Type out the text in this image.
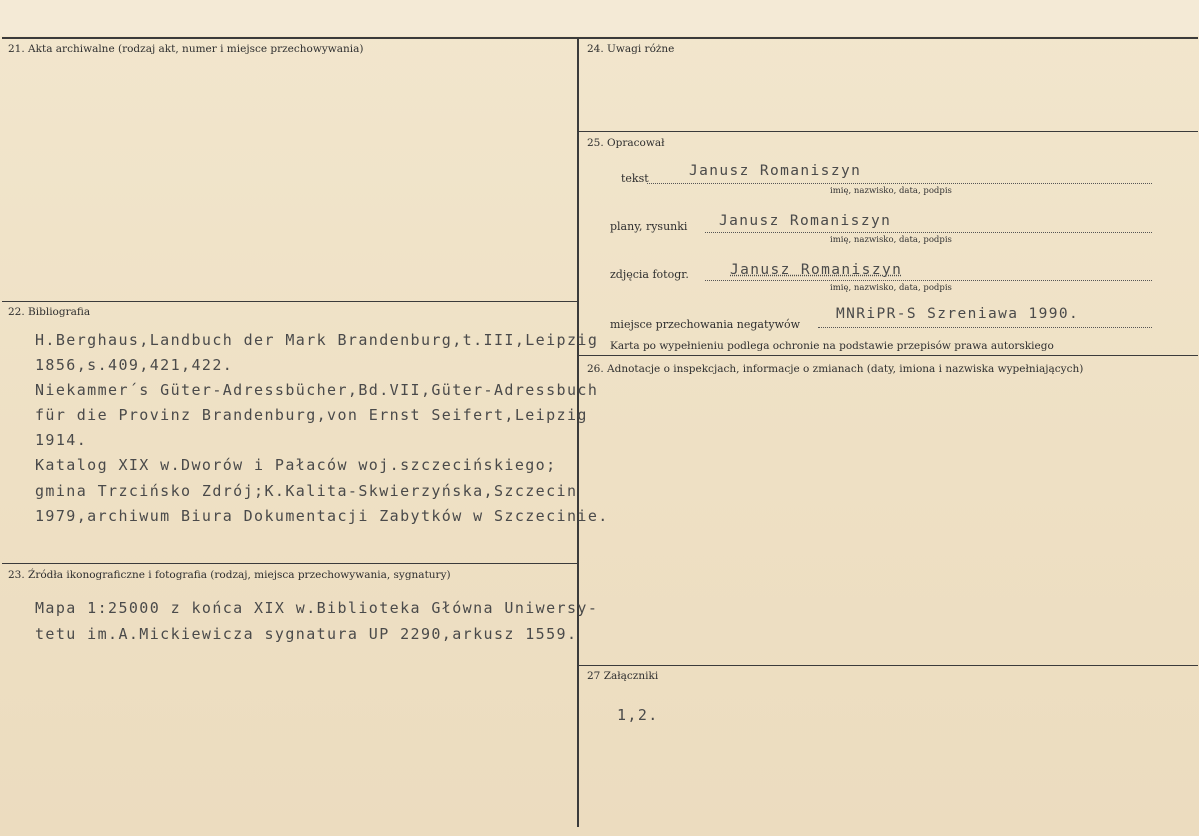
21. Akta archiwalne (rodzaj akt, numer i miejsce przechowywania)
22. Bibliografia
H.Berghaus,Landbuch der Mark Brandenburg,t.III,Leipzig
1856,s.409,421,422.
Niekammer´s Güter-Adressbücher,Bd.VII,Güter-Adressbuch
für die Provinz Brandenburg,von Ernst Seifert,Leipzig
1914.
Katalog XIX w.Dworów i Pałaców woj.szczecińskiego;
gmina Trzcińsko Zdrój;K.Kalita-Skwierzyńska,Szczecin
1979,archiwum Biura Dokumentacji Zabytków w Szczecinie.
23. Źródła ikonograficzne i fotografia (rodzaj, miejsca przechowywania, sygnatury)
Mapa 1:25000 z końca XIX w.Biblioteka Główna Uniwersy-
tetu im.A.Mickiewicza sygnatura UP 2290,arkusz 1559.
24. Uwagi różne
25. Opracował
tekst	Janusz Romaniszyn
imię, nazwisko, data, podpis
plany, rysunki Janusz Romaniszyn
imię, nazwisko, data, podpis
zdjęcia fotogr.	Janusz Romaniszyn
imię, nazwisko, data, podpis
miejsce przechowania negatywów
MNRiPR-S Szreniawa 1990.
Karta po wypełnieniu podlega ochronie na podstawie przepisów prawa autorskiego
26. Adnotacje o inspekcjach, informacje o zmianach (daty, imiona i nazwiska wypełniających)
27 Załączniki
1,2.
